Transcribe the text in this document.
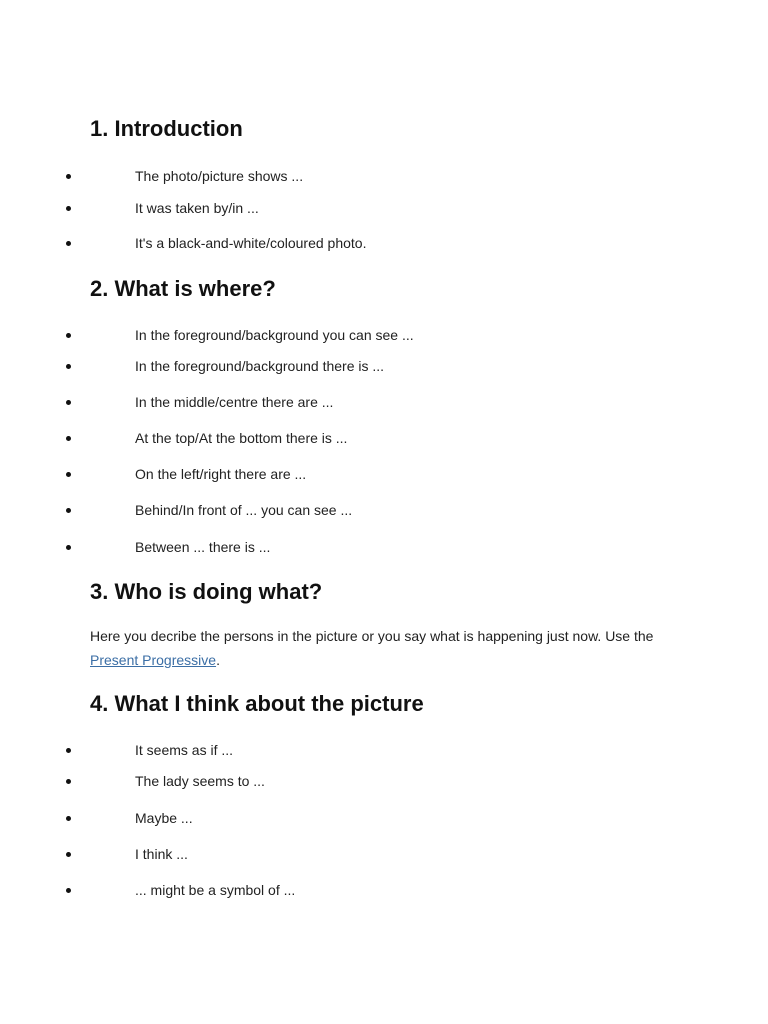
1. Introduction
The photo/picture shows ...
It was taken by/in ...
It's a black-and-white/coloured photo.
2. What is where?
In the foreground/background you can see ...
In the foreground/background there is ...
In the middle/centre there are ...
At the top/At the bottom there is ...
On the left/right there are ...
Behind/In front of ... you can see ...
Between ... there is ...
3. Who is doing what?

Here you decribe the persons in the picture or you say what is happening just now. Use the Present Progressive.

4. What I think about the picture
It seems as if ...
The lady seems to ...
Maybe ...
I think ...
... might be a symbol of ...
